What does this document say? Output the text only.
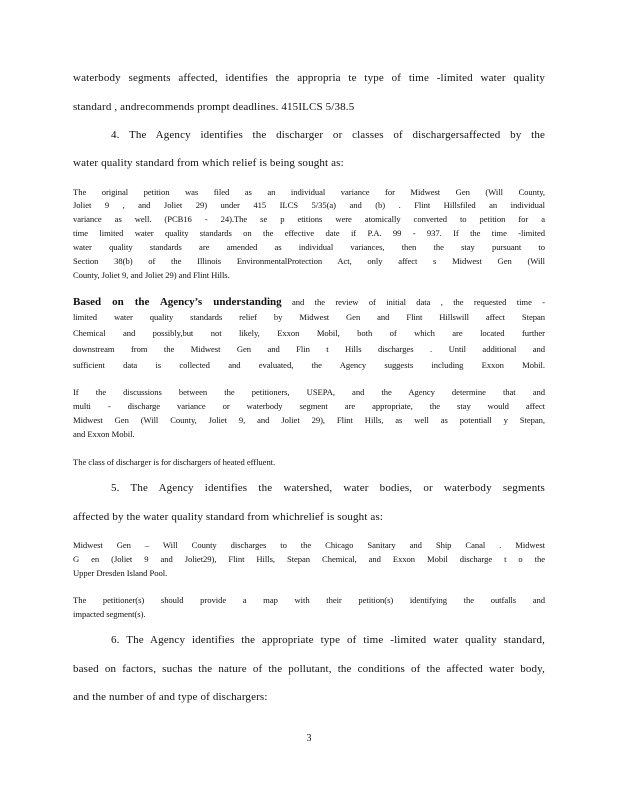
waterbody segments affected, identifies the appropria te type of time -limited water quality

standard , andrecommends prompt deadlines. 415ILCS 5/38.5

4. The Agency identifies the discharger or classes of dischargersaffected by the

water quality standard from which relief is being sought as:

The original petition was filed as an individual variance for Midwest Gen (Will County,

Joliet 9 , and Joliet 29) under 415 ILCS 5/35(a) and (b) . Flint Hillsfiled an individual

variance as well. (PCB16 - 24).The se p etitions were atomically converted to petition for a

time limited water quality standards on the effective date if P.A. 99 - 937. If the time -limited

water quality standards are amended as individual variances, then the stay pursuant to

Section 38(b) of the Illinois EnvironmentalProtection Act, only affect s Midwest Gen (Will

County, Joliet 9, and Joliet 29) and Flint Hills.

Based on the Agency’s understanding and the review of initial data , the requested time -

limited water quality standards relief by Midwest Gen and Flint Hillswill affect Stepan

Chemical and possibly,but not likely, Exxon Mobil, both of which are located further

downstream from the Midwest Gen and Flin t Hills discharges . Until additional and

sufficient data is collected and evaluated, the Agency suggests including Exxon Mobil.

If the discussions between the petitioners, USEPA, and the Agency determine that and

multi - discharge variance or waterbody segment are appropriate, the stay would affect

Midwest Gen (Will County, Joliet 9, and Joliet 29), Flint Hills, as well as potentiall y Stepan,

and Exxon Mobil.

The class of discharger is for dischargers of heated effluent.

5. The Agency identifies the watershed, water bodies, or waterbody segments

affected by the water quality standard from whichrelief is sought as:

Midwest Gen – Will County discharges to the Chicago Sanitary and Ship Canal . Midwest

G en (Joliet 9 and Joliet29), Flint Hills, Stepan Chemical, and Exxon Mobil discharge t o the

Upper Dresden Island Pool.

The petitioner(s) should provide a map with their petition(s) identifying the outfalls and

impacted segment(s).

6. The Agency identifies the appropriate type of time -limited water quality standard,

based on factors, suchas the nature of the pollutant, the conditions of the affected water body,

and the number of and type of dischargers:

3
